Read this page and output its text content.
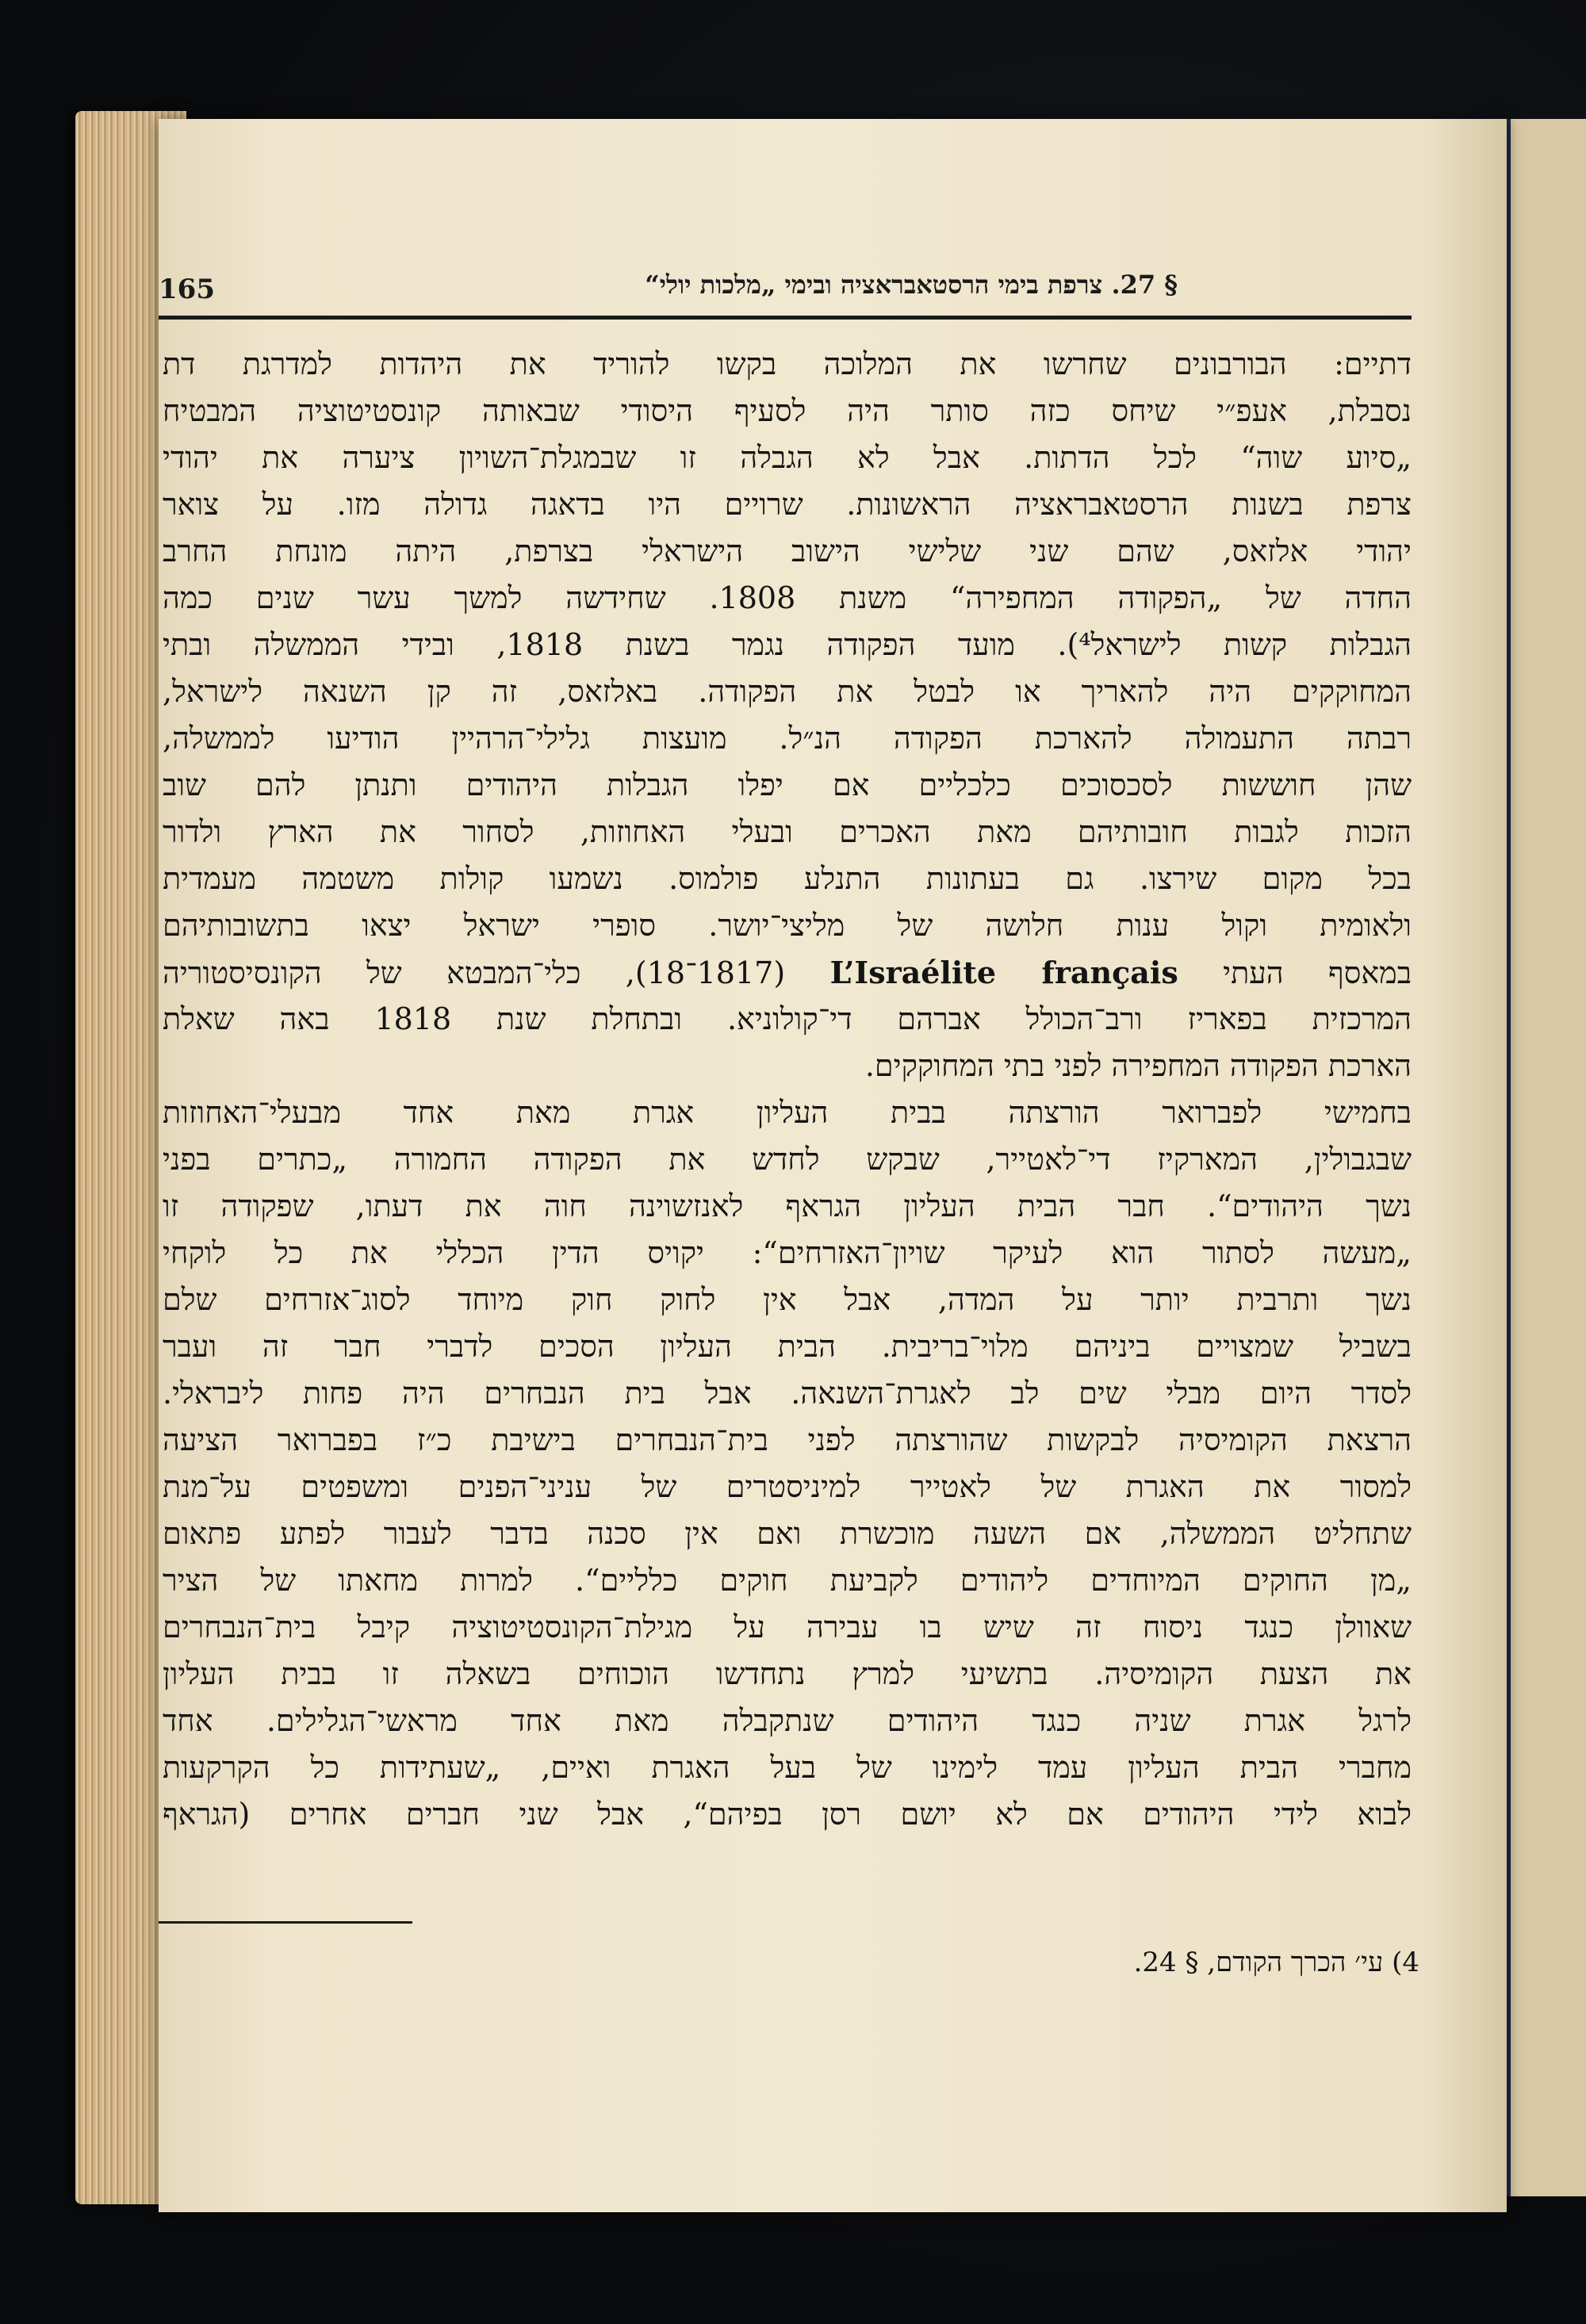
165	§ 27. צרפת בימי הרסטאבראציה ובימי „מלכות יולי“
דתיים: הבורבונים שחרשו את המלוכה בקשו להוריד את היהדות למדרגת דת
נסבלת, אעפ״י שיחס כזה סותר היה לסעיף היסודי שבאותה קונסטיטוציה המבטיח
„סיוע שוה“ לכל הדתות. אבל לא הגבלה זו שבמגלת־השויון ציערה את יהודי
צרפת בשנות הרסטאבראציה הראשונות. שרויים היו בדאגה גדולה מזו. על צואר
יהודי אלזאס, שהם שני שלישי הישוב הישראלי בצרפת, היתה מונחת החרב
החדה של „הפקודה המחפירה“ משנת 1808. שחידשה למשך עשר שנים כמה
הגבלות קשות לישראל⁴). מועד הפקודה נגמר בשנת 1818, ובידי הממשלה ובתי
המחוקקים היה להאריך או לבטל את הפקודה. באלזאס, זה קן השנאה לישראל,
רבתה התעמולה להארכת הפקודה הנ״ל. מועצות גלילי־הרהיין הודיעו לממשלה,
שהן חוששות לסכסוכים כלכליים אם יפלו הגבלות היהודים ותנתן להם שוב
הזכות לגבות חובותיהם מאת האכרים ובעלי האחוזות, לסחור את הארץ ולדור
בכל מקום שירצו. גם בעתונות התנלע פולמוס. נשמעו קולות משטמה מעמדית
ולאומית וקול ענות חלושה של מליצי־יושר. סופרי ישראל יצאו בתשובותיהם
במאסף העתי L’Israélite français (1817־18), כלי־המבטא של הקונסיסטוריה
המרכזית בפאריז ורב־הכולל אברהם די־קולוניא. ובתחלת שנת 1818 באה שאלת
הארכת הפקודה המחפירה לפני בתי המחוקקים.
בחמישי לפברואר הורצתה בבית העליון אגרת מאת אחד מבעלי־האחוזות
שבגבולין, המארקיז די־לאטייר, שבקש לחדש את הפקודה החמורה „כתרים בפני
נשך היהודים“. חבר הבית העליון הגראף לאנזשוינה חוה את דעתו, שפקודה זו
„מעשה לסתור הוא לעיקר שויון־האזרחים“: יקויס הדין הכללי את כל לוקחי
נשך ותרבית יותר על המדה, אבל אין לחוק חוק מיוחד לסוג־אזרחים שלם
בשביל שמצויים ביניהם מלוי־בריבית. הבית העליון הסכים לדברי חבר זה ועבר
לסדר היום מבלי שים לב לאגרת־השנאה. אבל בית הנבחרים היה פחות ליבראלי.
הרצאת הקומיסיה לבקשות שהורצתה לפני בית־הנבחרים בישיבת כ״ז בפברואר הציעה
למסור את האגרת של לאטייר למיניסטרים של עניני־הפנים ומשפטים על־מנת
שתחליט הממשלה, אם השעה מוכשרת ואם אין סכנה בדבר לעבור לפתע פתאום
„מן החוקים המיוחדים ליהודים לקביעת חוקים כלליים“. למרות מחאתו של הציר
שאוולן כנגד ניסוח זה שיש בו עבירה על מגילת־הקונסטיטוציה קיבל בית־הנבחרים
את הצעת הקומיסיה. בתשיעי למרץ נתחדשו הוכוחים בשאלה זו בבית העליון
לרגל אגרת שניה כנגד היהודים שנתקבלה מאת אחד מראשי־הגלילים. אחד
מחברי הבית העליון עמד לימינו של בעל האגרת ואיים, „שעתידות כל הקרקעות
לבוא לידי היהודים אם לא יושם רסן בפיהם“, אבל שני חברים אחרים (הגראף
4) עי׳ הכרך הקודם, § 24.
